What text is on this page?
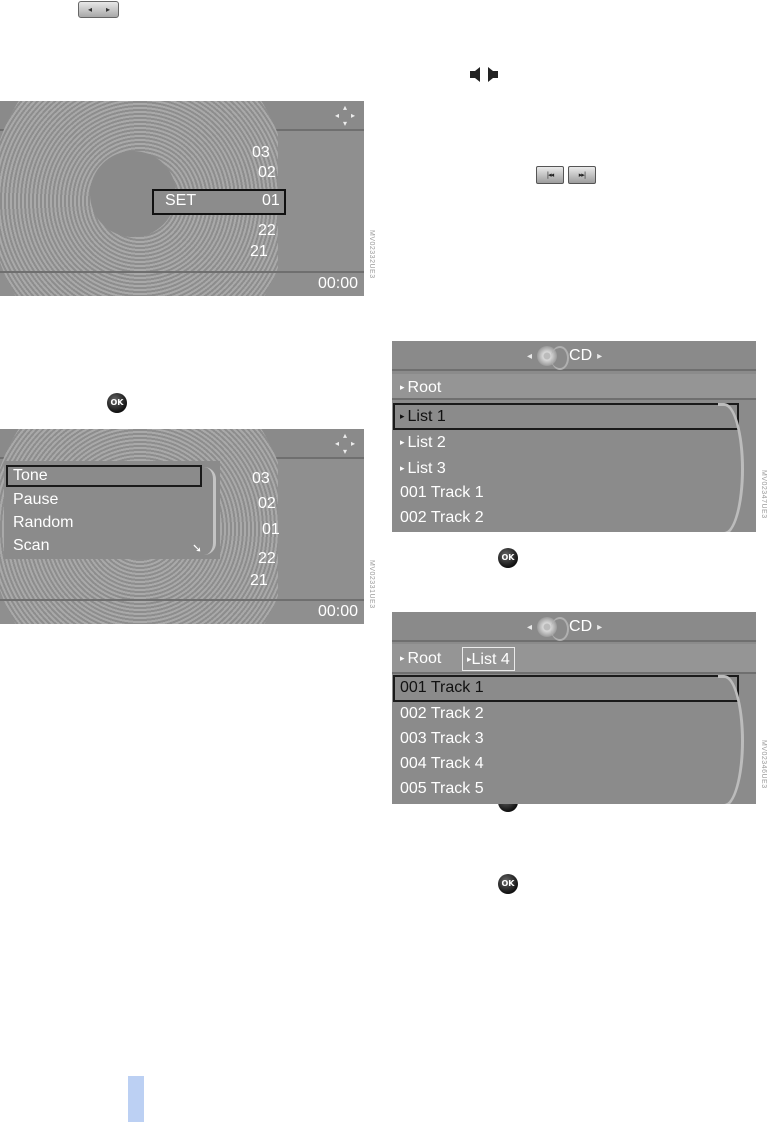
◂ ▸
|◂◂	▸▸|
OK
OK
OK
▴
◂ ▸
▾
03
02
SET	01
22
21
00:00
MV02332UE3
▴
◂ ▸
▾
03
02
01
22
21
Tone
Pause
Random
Scan	➘
00:00
MV02331UE3
◂ CD ▸
▸ Root
▸ List 1
▸ List 2
▸ List 3
001 Track 1
002 Track 2	MV02347UE3
◂ CD ▸
▸ Root	▸List 4
001 Track 1
002 Track 2
003 Track 3
004 Track 4
005 Track 5	MV02346UE3
